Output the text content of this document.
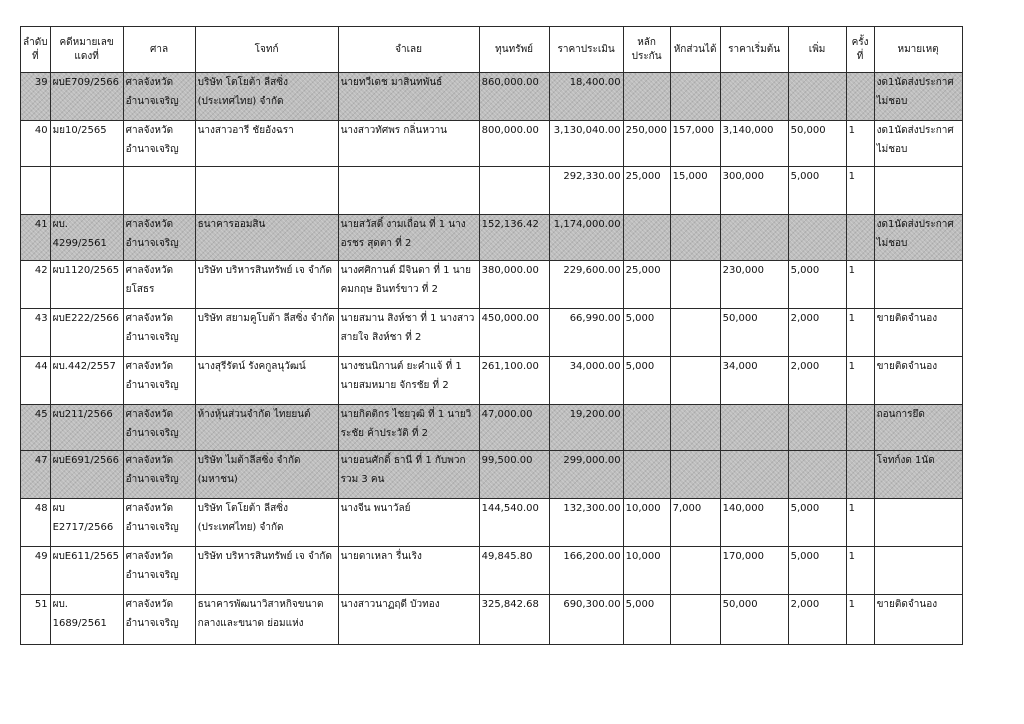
ลำดับที่	คดีหมายเลขแดงที่	ศาล	โจทก์	จำเลย	ทุนทรัพย์	ราคาประเมิน	หลักประกัน	หักส่วนได้	ราคาเริ่มต้น	เพิ่ม	ครั้งที่	หมายเหตุ
39	ผบE709/2566	ศาลจังหวัดอำนาจเจริญ	บริษัท โตโยต้า ลีสซิ่ง (ประเทศไทย) จำกัด	นายทวีเดช มาสินทพันธ์	860,000.00	18,400.00						งด1นัดส่งประกาศไม่ชอบ
40	มย10/2565	ศาลจังหวัดอำนาจเจริญ	นางสาวอารี ชัยอังฉรา	นางสาวทัศพร กลิ่นหวาน	800,000.00	3,130,040.00	250,000	157,000	3,140,000	50,000	1	งด1นัดส่งประกาศไม่ชอบ
						292,330.00	25,000	15,000	300,000	5,000	1	
41	ผบ. 4299/2561	ศาลจังหวัดอำนาจเจริญ	ธนาคารออมสิน	นายสวัสดิ์ งามเถื่อน ที่ 1 นางอรชร สุดตา ที่ 2	152,136.42	1,174,000.00						งด1นัดส่งประกาศไม่ชอบ
42	ผบ1120/2565	ศาลจังหวัดยโสธร	บริษัท บริหารสินทรัพย์ เจ จำกัด	นางศศิกานต์ มีจินดา ที่ 1 นายคมกฤษ อินทร์ขาว ที่ 2	380,000.00	229,600.00	25,000		230,000	5,000	1	
43	ผบE222/2566	ศาลจังหวัดอำนาจเจริญ	บริษัท สยามคูโบต้า ลีสซิ่ง จำกัด	นายสมาน สิงห์ชา ที่ 1 นางสาวสายใจ สิงห์ชา ที่ 2	450,000.00	66,990.00	5,000		50,000	2,000	1	ขายติดจำนอง
44	ผบ.442/2557	ศาลจังหวัดอำนาจเจริญ	นางสุรีรัตน์ รังคกูลนุวัฒน์	นางชนนิกานต์ ยะคำแจ้ ที่ 1 นายสมหมาย จักรชัย ที่ 2	261,100.00	34,000.00	5,000		34,000	2,000	1	ขายติดจำนอง
45	ผบ211/2566	ศาลจังหวัดอำนาจเจริญ	ห้างหุ้นส่วนจำกัด ไทยยนต์	นายกิตติกร ไชยวุฒิ ที่ 1 นายวิระชัย ค้าประวัติ ที่ 2	47,000.00	19,200.00						ถอนการยึด
47	ผบE691/2566	ศาลจังหวัดอำนาจเจริญ	บริษัท ไมต้าลีสซิ่ง จำกัด (มหาชน)	นายอนศักดิ์ ธานี ที่ 1 กับพวกรวม 3 คน	99,500.00	299,000.00						โจทก์งด 1นัด
48	ผบ E2717/2566	ศาลจังหวัดอำนาจเจริญ	บริษัท โตโยต้า ลีสซิ่ง (ประเทศไทย) จำกัด	นางจีน พนาวัลย์	144,540.00	132,300.00	10,000	7,000	140,000	5,000	1	
49	ผบE611/2565	ศาลจังหวัดอำนาจเจริญ	บริษัท บริหารสินทรัพย์ เจ จำกัด	นายดาเหลา รื่นเริง	49,845.80	166,200.00	10,000		170,000	5,000	1	
51	ผบ. 1689/2561	ศาลจังหวัดอำนาจเจริญ	ธนาคารพัฒนาวิสาหกิจขนาดกลางและขนาด ย่อมแห่ง	นางสาวนาฏฤดี บัวทอง	325,842.68	690,300.00	5,000		50,000	2,000	1	ขายติดจำนอง
